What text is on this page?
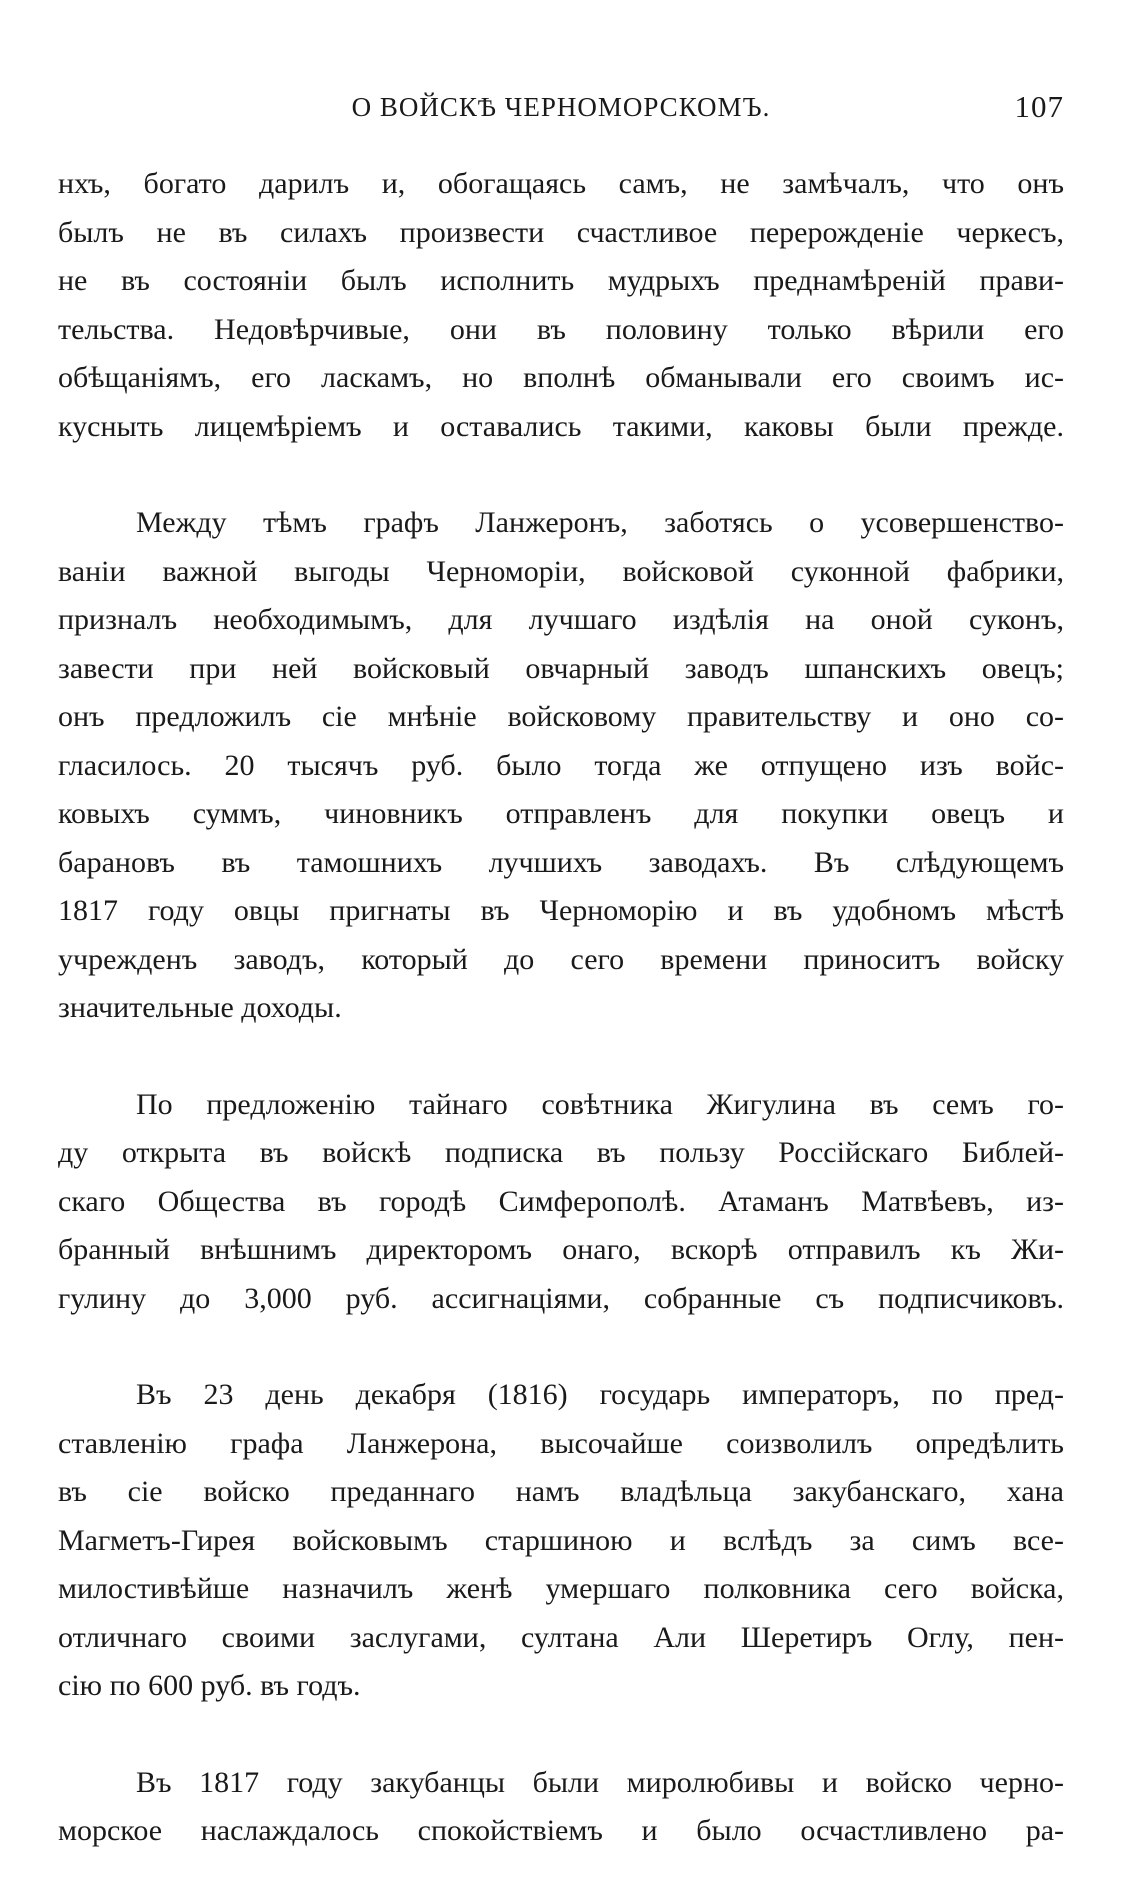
О ВОЙСКѢ ЧЕРНОМОРСКОМЪ.	107

нхъ, богато дарилъ и, обогащаясь самъ, не замѣчалъ, что онъ
былъ не въ силахъ произвести счастливое перерожденіе черкесъ,
не въ состояніи былъ исполнить мудрыхъ преднамѣреній прави-
тельства. Недовѣрчивые, они въ половину только вѣрили его
обѣщаніямъ, его ласкамъ, но вполнѣ обманывали его своимъ ис-
кусныть лицемѣріемъ и оставались такими, каковы были прежде.

Между тѣмъ графъ Ланжеронъ, заботясь о усовершенство-
ваніи важной выгоды Черноморіи, войсковой суконной фабрики,
призналъ необходимымъ, для лучшаго издѣлія на оной суконъ,
завести при ней войсковый овчарный заводъ шпанскихъ овецъ;
онъ предложилъ сіе мнѣніе войсковому правительству и оно со-
гласилось. 20 тысячъ руб. было тогда же отпущено изъ войс-
ковыхъ суммъ, чиновникъ отправленъ для покупки овецъ и
барановъ въ тамошнихъ лучшихъ заводахъ. Въ слѣдующемъ
1817 году овцы пригнаты въ Черноморію и въ удобномъ мѣстѣ
учрежденъ заводъ, который до сего времени приноситъ войску
значительные доходы.

По предложенію тайнаго совѣтника Жигулина въ семъ го-
ду открыта въ войскѣ подписка въ пользу Россійскаго Библей-
скаго Общества въ городѣ Симферополѣ. Атаманъ Матвѣевъ, из-
бранный внѣшнимъ директоромъ онаго, вскорѣ отправилъ къ Жи-
гулину до 3,000 руб. ассигнаціями, собранные съ подписчиковъ.

Въ 23 день декабря (1816) государь императоръ, по пред-
ставленію графа Ланжерона, высочайше соизволилъ опредѣлить
въ сіе войско преданнаго намъ владѣльца закубанскаго, хана
Магметъ-Гирея войсковымъ старшиною и вслѣдъ за симъ все-
милостивѣйше назначилъ женѣ умершаго полковника сего войска,
отличнаго своими заслугами, султана Али Шеретиръ Оглу, пен-
сію по 600 руб. въ годъ.

Въ 1817 году закубанцы были миролюбивы и войско черно-
морское наслаждалось спокойствіемъ и было осчастливлено ра-
